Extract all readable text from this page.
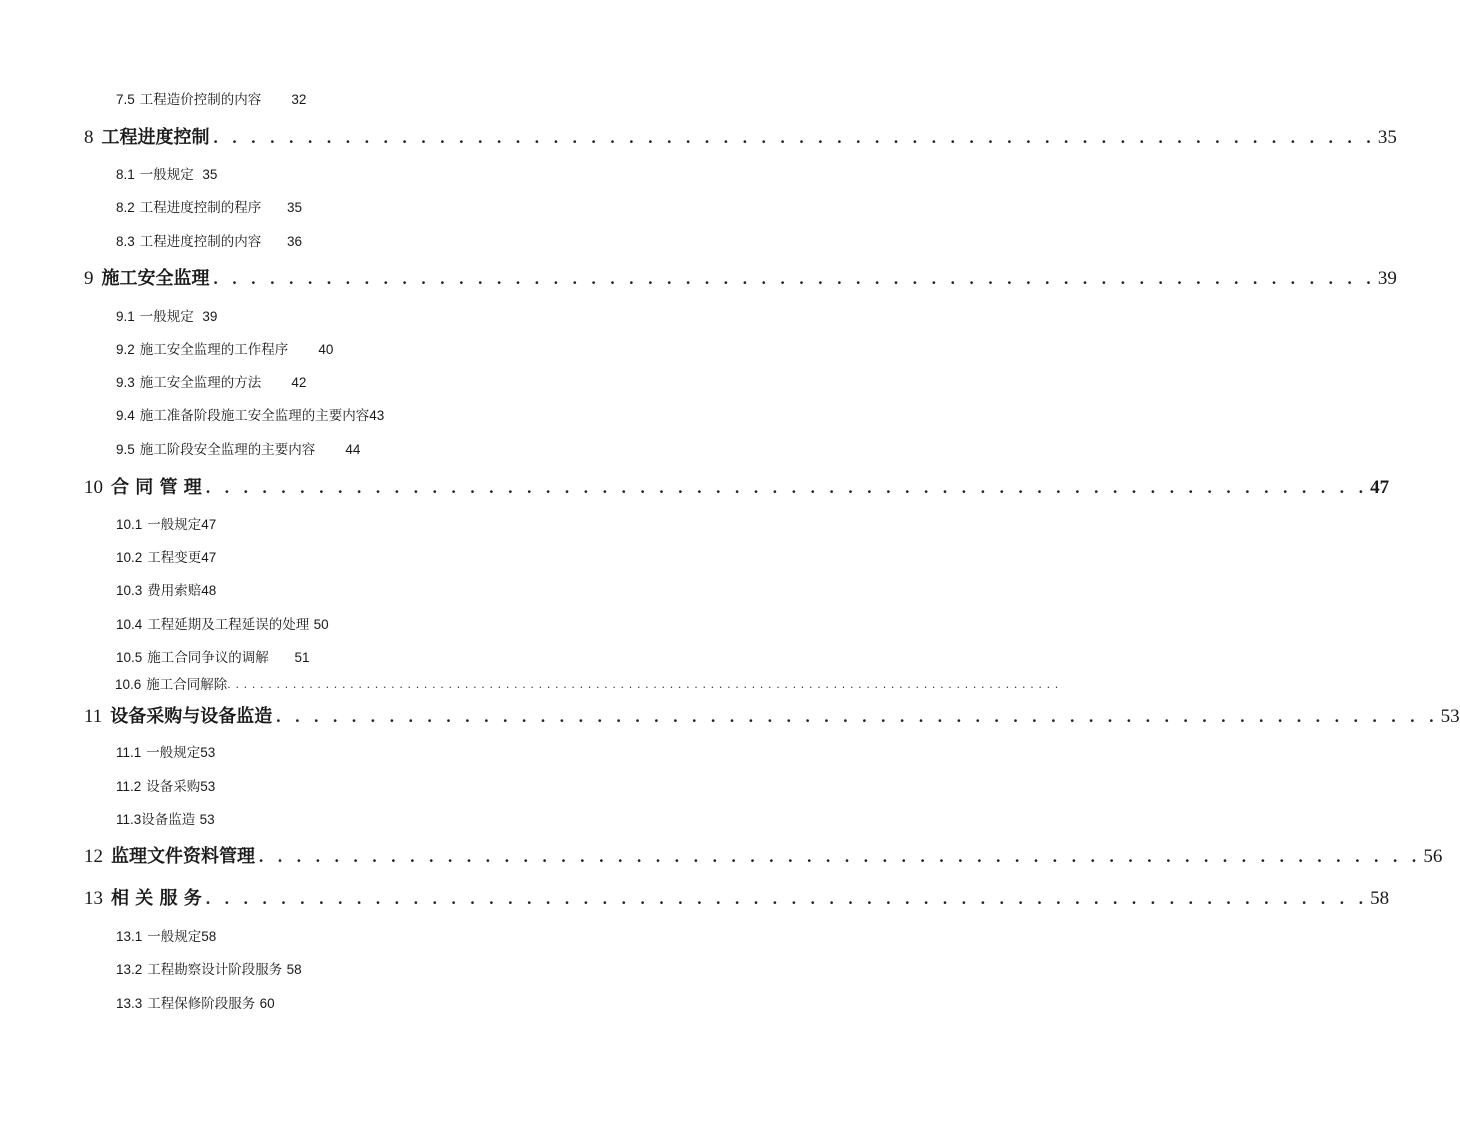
7.5 工程造价控制的内容 32
8 工程进度控制 . . . . . . . . . . . . . . . . . . . . . . . . . . . . . . . . . . . . . . . . . . . . . . . . . . . . . . . . . . . . . . 35
8.1 一般规定 35
8.2 工程进度控制的程序 35
8.3 工程进度控制的内容 36
9 施工安全监理 . . . . . . . . . . . . . . . . . . . . . . . . . . . . . . . . . . . . . . . . . . . . . . . . . . . . . . . . . . . . . . 39
9.1 一般规定 39
9.2 施工安全监理的工作程序 40
9.3 施工安全监理的方法 42
9.4 施工准备阶段施工安全监理的主要内容43
9.5 施工阶段安全监理的主要内容 44
10 合 同 管 理 . . . . . . . . . . . . . . . . . . . . . . . . . . . . . . . . . . . . . . . . . . . . . . . . . . . . . . . . . . . . . . 47
10.1 一般规定47
10.2 工程变更47
10.3 费用索赔48
10.4 工程延期及工程延误的处理 50
10.5 施工合同争议的调解 51
10.6 施工合同解除. . . . . . . . . . . . . . . . . . . . . . . . . . . . . . . . . . . . . . . . . . . . . . . . . . . . . . . . . . . . . . . . . . . . . . . . . . . . . . . . . . . . . . . . . . . . . . . . . . . . . .
11 设备采购与设备监造 . . . . . . . . . . . . . . . . . . . . . . . . . . . . . . . . . . . . . . . . . . . . . . . . . . . . . . . . . . . . . . 53
11.1 一般规定53
11.2 设备采购53
11.3设备监造 53
12 监理文件资料管理 . . . . . . . . . . . . . . . . . . . . . . . . . . . . . . . . . . . . . . . . . . . . . . . . . . . . . . . . . . . . . . 56
13 相 关 服 务 . . . . . . . . . . . . . . . . . . . . . . . . . . . . . . . . . . . . . . . . . . . . . . . . . . . . . . . . . . . . . . 58
13.1 一般规定58
13.2 工程勘察设计阶段服务 58
13.3 工程保修阶段服务 60
